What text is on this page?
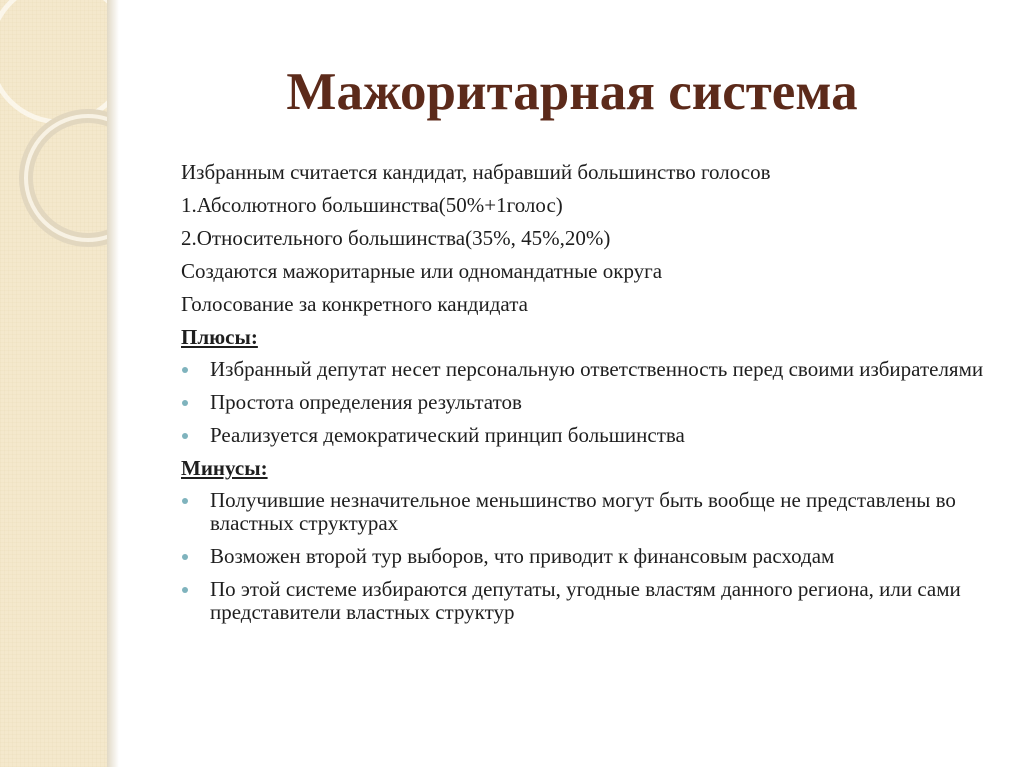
Мажоритарная система

Избранным считается кандидат, набравший большинство голосов

1.Абсолютного большинства(50%+1голос)

2.Относительного большинства(35%, 45%,20%)

Создаются мажоритарные или одномандатные округа

Голосование за конкретного кандидата

Плюсы:

Избранный депутат несет персональную ответственность перед своими избирателями
Простота определения результатов
Реализуется демократический принцип большинства

Минусы:

Получившие незначительное меньшинство могут быть вообще не представлены во властных структурах
Возможен второй тур выборов, что приводит к финансовым расходам
По этой системе избираются депутаты, угодные властям данного региона, или сами представители властных структур
